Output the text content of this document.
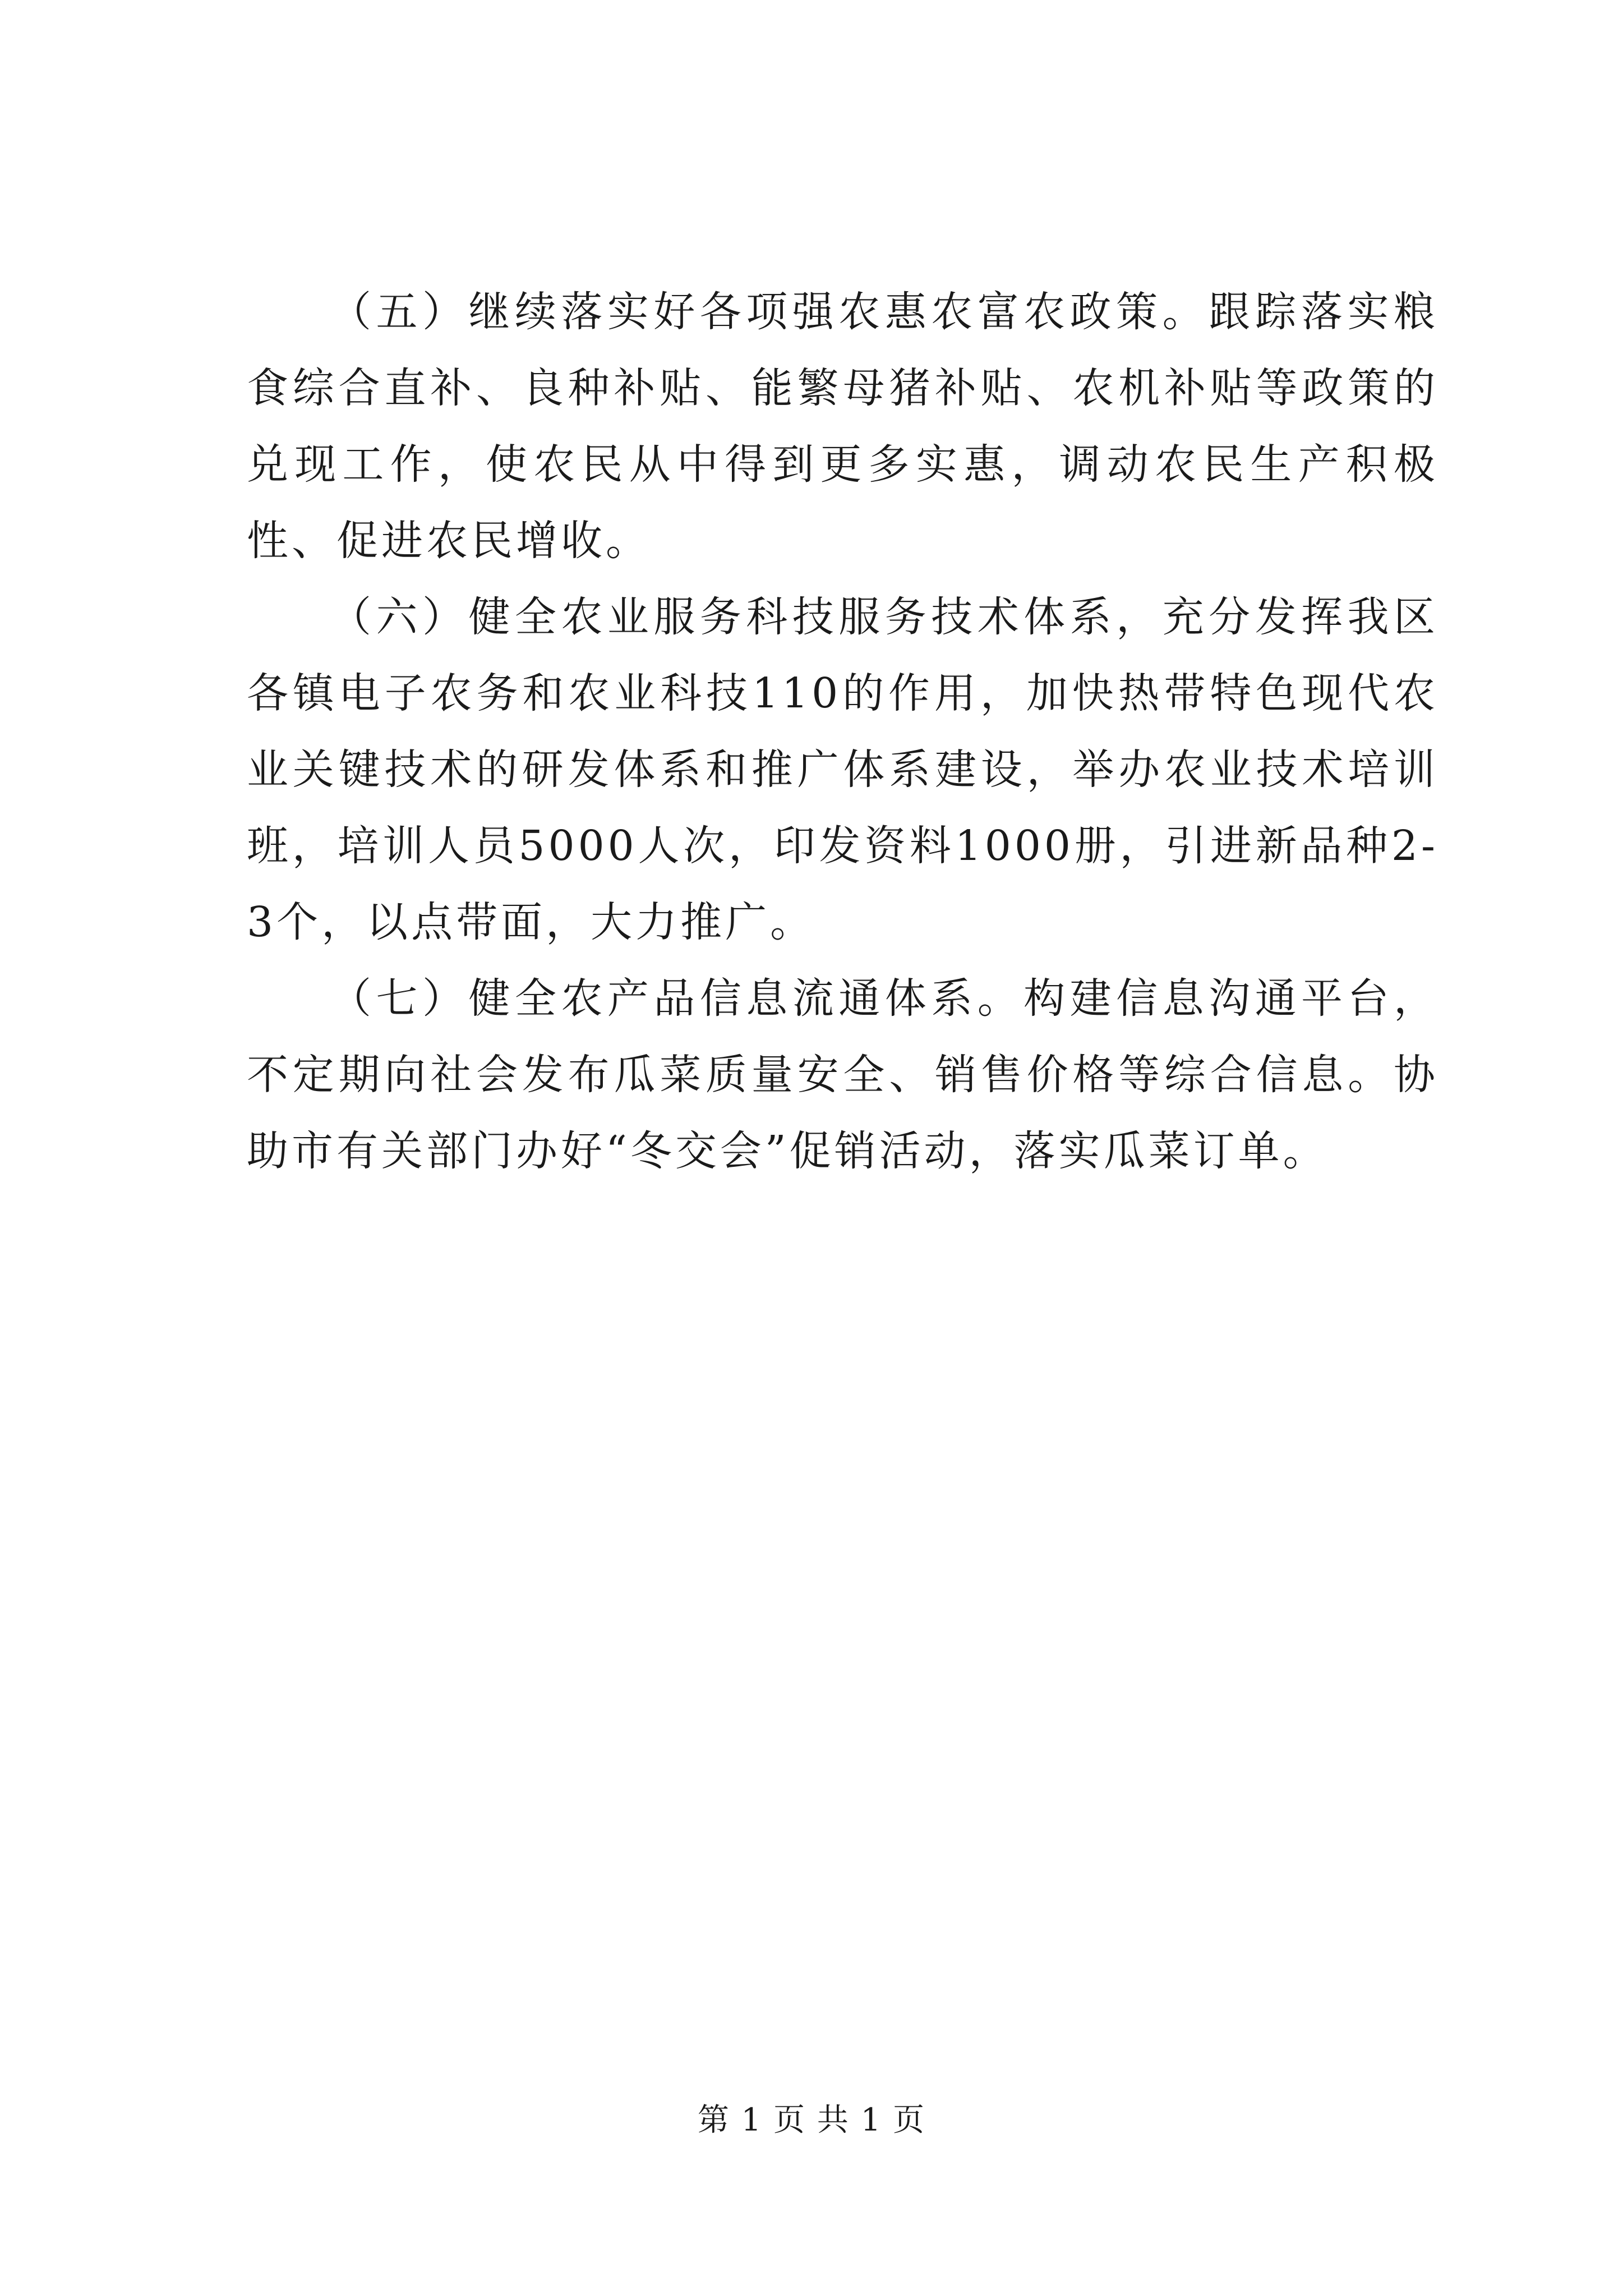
（五）继续落实好各项强农惠农富农政策。跟踪落实粮食综合直补、良种补贴、能繁母猪补贴、农机补贴等政策的兑现工作，使农民从中得到更多实惠，调动农民生产积极性、促进农民增收。

（六）健全农业服务科技服务技术体系，充分发挥我区各镇电子农务和农业科技110的作用，加快热带特色现代农业关键技术的研发体系和推广体系建设，举办农业技术培训班，培训人员5000人次，印发资料1000册，引进新品种2-3个，以点带面，大力推广。

（七）健全农产品信息流通体系。构建信息沟通平台，不定期向社会发布瓜菜质量安全、销售价格等综合信息。协助市有关部门办好“冬交会”促销活动，落实瓜菜订单。

第 1 页 共 1 页
